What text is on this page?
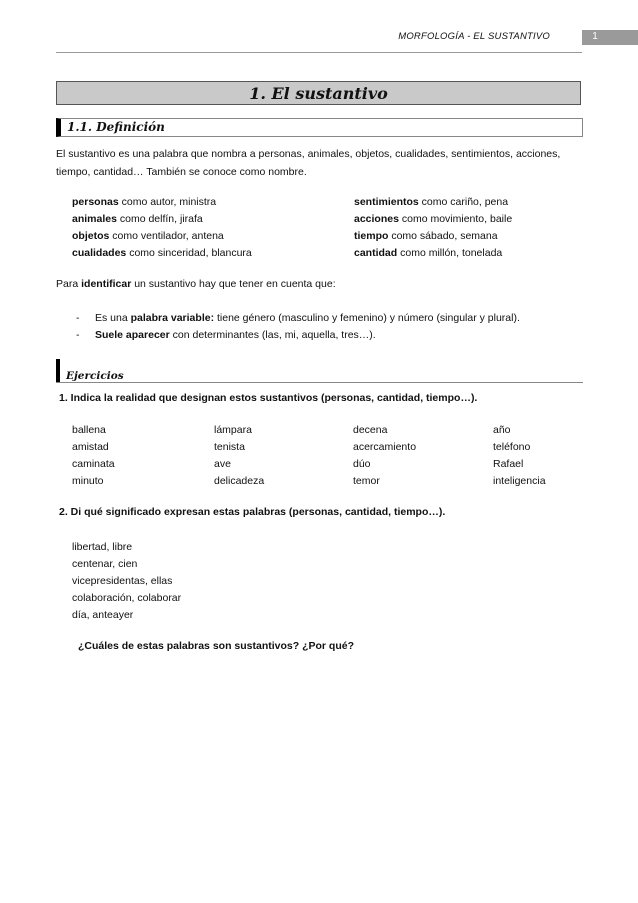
MORFOLOGÍA - EL SUSTANTIVO	1
1. El sustantivo
1.1. Definición

El sustantivo es una palabra que nombra a personas, animales, objetos, cualidades, sentimientos, acciones,

tiempo, cantidad… También se conoce como nombre.

personas como autor, ministra	sentimientos como cariño, pena
animales como delfín, jirafa	acciones como movimiento, baile
objetos como ventilador, antena	tiempo como sábado, semana
cualidades como sinceridad, blancura	cantidad como millón, tonelada
Para identificar un sustantivo hay que tener en cuenta que:
- Es una palabra variable: tiene género (masculino y femenino) y número (singular y plural).
- Suele aparecer con determinantes (las, mi, aquella, tres…).
Ejercicios
1. Indica la realidad que designan estos sustantivos (personas, cantidad, tiempo…).
ballena	lámpara	decena	año
amistad	tenista	acercamiento	teléfono
caminata	ave	dúo	Rafael
minuto	delicadeza	temor	inteligencia
2. Di qué significado expresan estas palabras (personas, cantidad, tiempo…).
libertad, libre
centenar, cien
vicepresidentas, ellas
colaboración, colaborar
día, anteayer
¿Cuáles de estas palabras son sustantivos? ¿Por qué?
